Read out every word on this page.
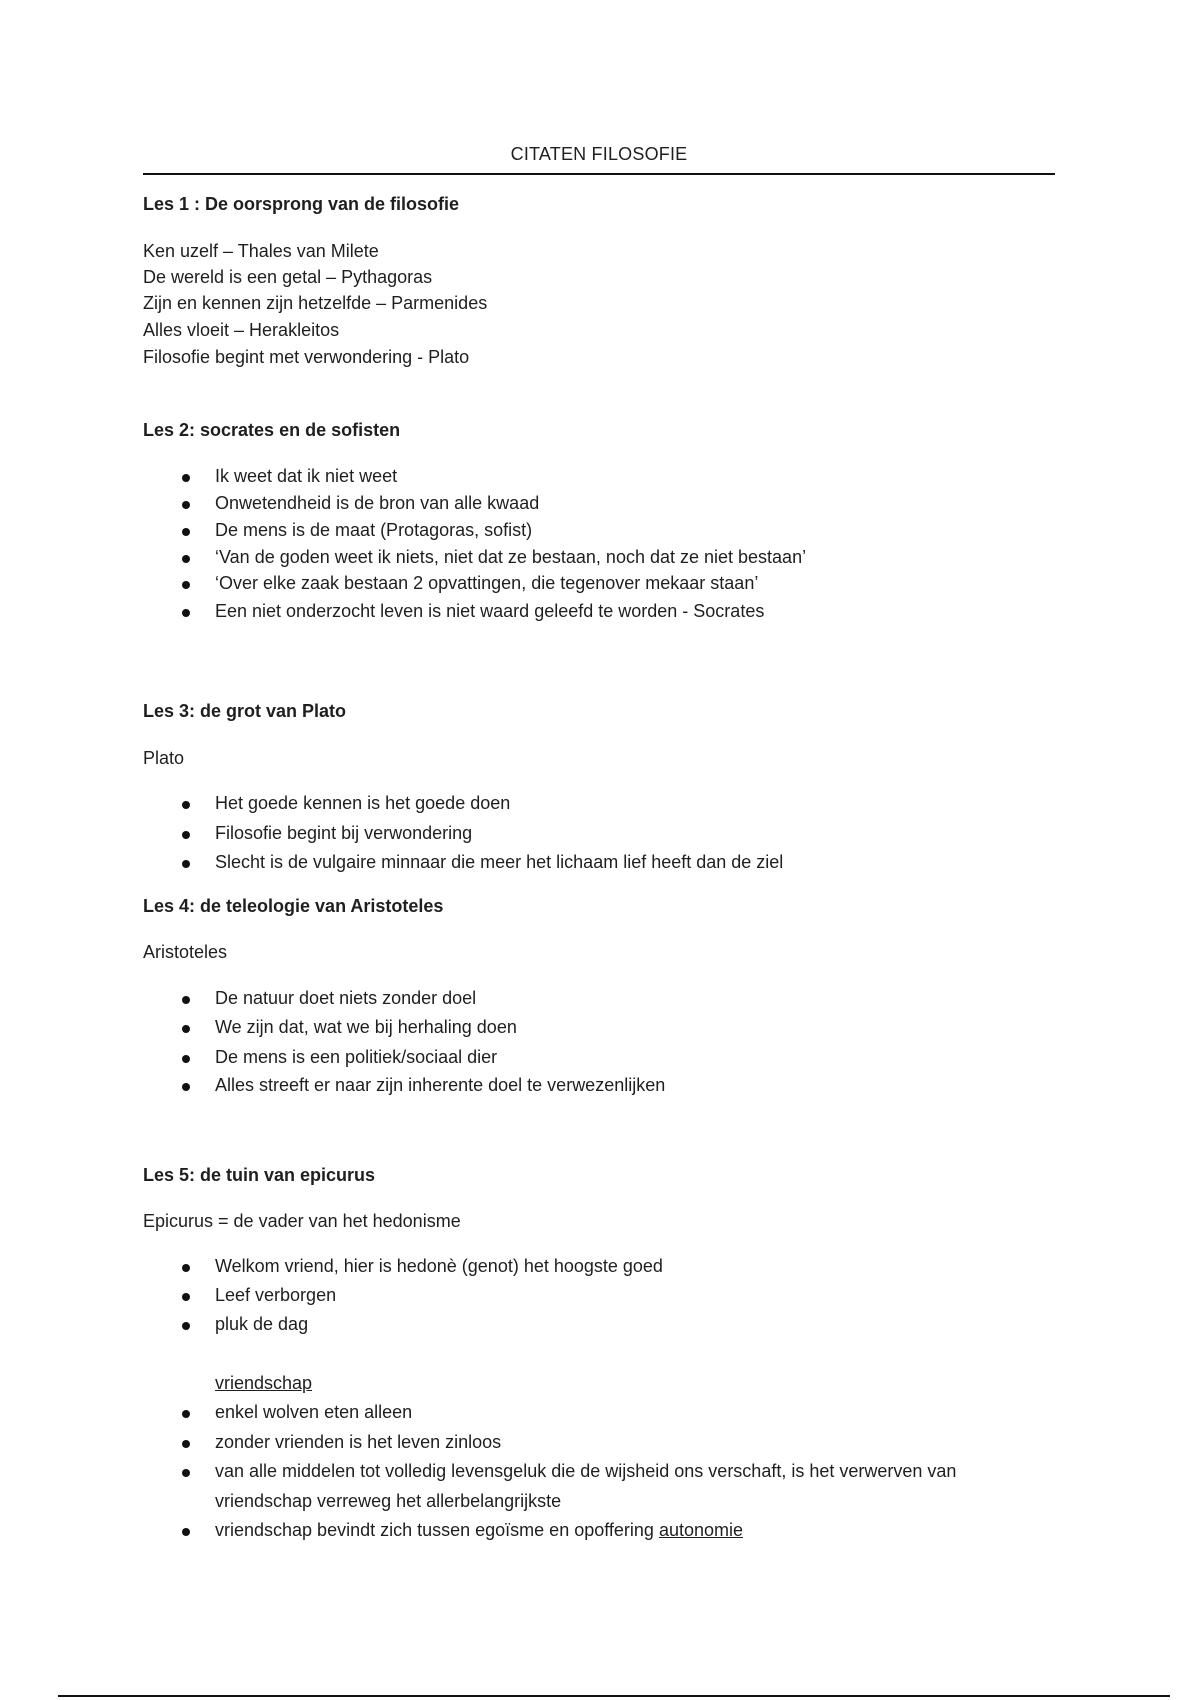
CITATEN FILOSOFIE
Les 1 : De oorsprong van de filosofie
Ken uzelf – Thales van Milete
De wereld is een getal – Pythagoras
Zijn en kennen zijn hetzelfde – Parmenides
Alles vloeit – Herakleitos
Filosofie begint met verwondering - Plato
Les 2: socrates en de sofisten
Ik weet dat ik niet weet
Onwetendheid is de bron van alle kwaad
De mens is de maat (Protagoras, sofist)
‘Van de goden weet ik niets, niet dat ze bestaan, noch dat ze niet bestaan’
‘Over elke zaak bestaan 2 opvattingen, die tegenover mekaar staan’
Een niet onderzocht leven is niet waard geleefd te worden - Socrates
Les 3: de grot van Plato
Plato
Het goede kennen is het goede doen
Filosofie begint bij verwondering
Slecht is de vulgaire minnaar die meer het lichaam lief heeft dan de ziel
Les 4: de teleologie van Aristoteles
Aristoteles
De natuur doet niets zonder doel
We zijn dat, wat we bij herhaling doen
De mens is een politiek/sociaal dier
Alles streeft er naar zijn inherente doel te verwezenlijken
Les 5: de tuin van epicurus
Epicurus = de vader van het hedonisme
Welkom vriend, hier is hedonè (genot) het hoogste goed
Leef verborgen
pluk de dag
vriendschap
enkel wolven eten alleen
zonder vrienden is het leven zinloos
van alle middelen tot volledig levensgeluk die de wijsheid ons verschaft, is het verwerven van
vriendschap verreweg het allerbelangrijkste
vriendschap bevindt zich tussen egoïsme en opoffering autonomie
